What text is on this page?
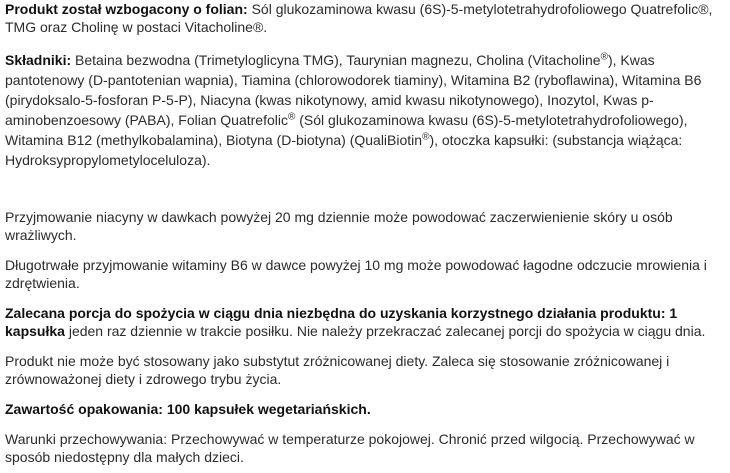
Produkt został wzbogacony o folian: Sól glukozaminowa kwasu (6S)-5-metylotetrahydrofoliowego Quatrefolic®, TMG oraz Cholinę w postaci Vitacholine®.

Składniki: Betaina bezwodna (Trimetyloglicyna TMG), Taurynian magnezu, Cholina (Vitacholine®), Kwas pantotenowy (D-pantotenian wapnia), Tiamina (chlorowodorek tiaminy), Witamina B2 (ryboflawina), Witamina B6 (pirydoksalo-5-fosforan P-5-P), Niacyna (kwas nikotynowy, amid kwasu nikotynowego), Inozytol, Kwas p-aminobenzoesowy (PABA), Folian Quatrefolic® (Sól glukozaminowa kwasu (6S)-5-metylotetrahydrofoliowego), Witamina B12 (methylkobalamina), Biotyna (D-biotyna) (QualiBiotin®), otoczka kapsułki: (substancja wiążąca: Hydroksypropylometyloceluloza).

Przyjmowanie niacyny w dawkach powyżej 20 mg dziennie może powodować zaczerwienienie skóry u osób wrażliwych.

Długotrwałe przyjmowanie witaminy B6 w dawce powyżej 10 mg może powodować łagodne odczucie mrowienia i zdrętwienia.

Zalecana porcja do spożycia w ciągu dnia niezbędna do uzyskania korzystnego działania produktu: 1 kapsułka jeden raz dziennie w trakcie posiłku. Nie należy przekraczać zalecanej porcji do spożycia w ciągu dnia.

Produkt nie może być stosowany jako substytut zróżnicowanej diety. Zaleca się stosowanie zróżnicowanej i zrównoważonej diety i zdrowego trybu życia.

Zawartość opakowania: 100 kapsułek wegetariańskich.

Warunki przechowywania: Przechowywać w temperaturze pokojowej. Chronić przed wilgocią. Przechowywać w sposób niedostępny dla małych dzieci.
